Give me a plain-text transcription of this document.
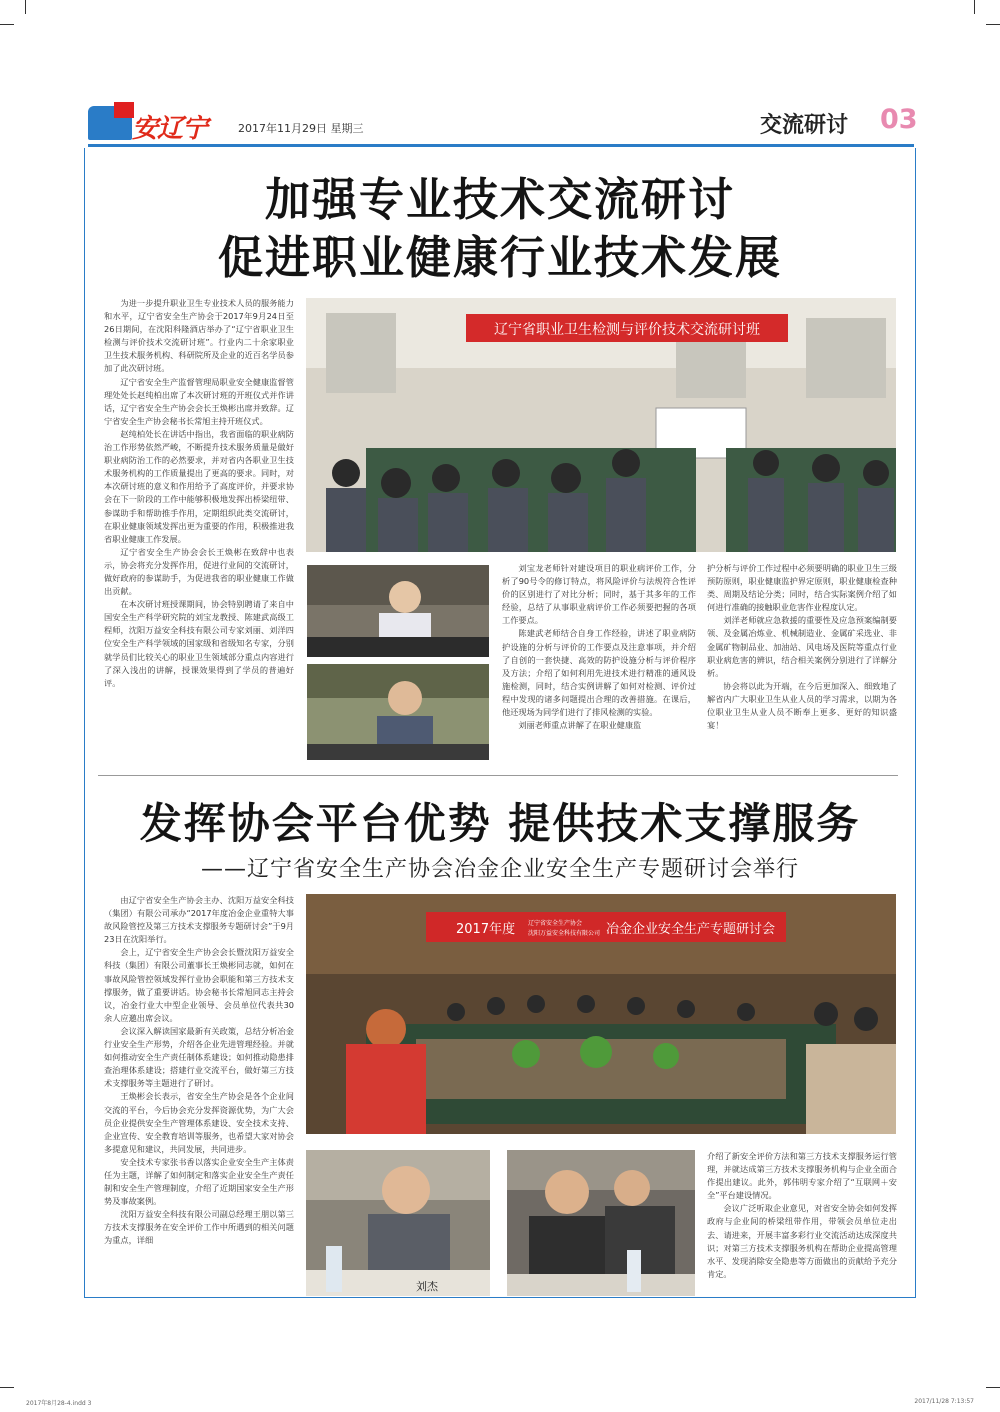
安辽宁	2017年11月29日 星期三	交流研讨 03
加强专业技术交流研讨
促进职业健康行业技术发展

为进一步提升职业卫生专业技术人员的服务能力和水平，辽宁省安全生产协会于2017年9月24日至26日期间，在沈阳科隆酒店举办了“辽宁省职业卫生检测与评价技术交流研讨班”。行业内二十余家职业卫生技术服务机构、科研院所及企业的近百名学员参加了此次研讨班。

辽宁省安全生产监督管理局职业安全健康监督管理处处长赵纯柏出席了本次研讨班的开班仪式并作讲话，辽宁省安全生产协会会长王焕彬出席并致辞。辽宁省安全生产协会秘书长常旭主持开班仪式。

赵纯柏处长在讲话中指出，我省面临的职业病防治工作形势依然严峻，不断提升技术服务质量是做好职业病防治工作的必然要求，并对省内各职业卫生技术服务机构的工作质量提出了更高的要求。同时，对本次研讨班的意义和作用给予了高度评价，并要求协会在下一阶段的工作中能够积极地发挥出桥梁纽带、参谋助手和帮助推手作用，定期组织此类交流研讨，在职业健康领域发挥出更为重要的作用，积极推进我省职业健康工作发展。

辽宁省安全生产协会会长王焕彬在致辞中也表示，协会将充分发挥作用，促进行业间的交流研讨，做好政府的参谋助手，为促进我省的职业健康工作做出贡献。

在本次研讨班授课期间，协会特别聘请了来自中国安全生产科学研究院的刘宝龙教授、陈建武高级工程师，沈阳万益安全科技有限公司专家刘丽、刘洋四位安全生产科学领域的国家级和省级知名专家，分别就学员们比较关心的职业卫生领域部分重点内容进行了深入浅出的讲解，授课效果得到了学员的普遍好评。

辽宁省职业卫生检测与评价技术交流研讨班

刘宝龙老师针对建设项目的职业病评价工作，分析了90号令的修订特点，将风险评价与法规符合性评价的区别进行了对比分析；同时，基于其多年的工作经验，总结了从事职业病评价工作必须要把握的各项工作要点。

陈建武老师结合自身工作经验，讲述了职业病防护设施的分析与评价的工作要点及注意事项，并介绍了自创的一套快捷、高效的防护设施分析与评价程序及方法；介绍了如何利用先进技术进行精准的通风设施检测，同时，结合实例讲解了如何对检测、评价过程中发现的诸多问题提出合理的改善措施。在课后，他还现场为同学们进行了排风检测的实验。

刘丽老师重点讲解了在职业健康监

护分析与评价工作过程中必须要明确的职业卫生三级预防原则，职业健康监护界定原则，职业健康检查种类、周期及结论分类；同时，结合实际案例介绍了如何进行准确的接触职业危害作业程度认定。

刘洋老师就应急救援的重要性及应急预案编制要领、及金属冶炼业、机械制造业、金属矿采选业、非金属矿物制品业、加油站、风电场及医院等重点行业职业病危害的辨识，结合相关案例分别进行了详解分析。

协会将以此为开端，在今后更加深入、细致地了解省内广大职业卫生从业人员的学习需求，以期为各位职业卫生从业人员不断奉上更多、更好的知识盛宴！

发挥协会平台优势 提供技术支撑服务
——辽宁省安全生产协会冶金企业安全生产专题研讨会举行

由辽宁省安全生产协会主办、沈阳万益安全科技（集团）有限公司承办“2017年度冶金企业重特大事故风险管控及第三方技术支撑服务专题研讨会”于9月23日在沈阳举行。

会上，辽宁省安全生产协会会长暨沈阳万益安全科技（集团）有限公司董事长王焕彬同志就，如何在事故风险管控领域发挥行业协会职能和第三方技术支撑服务，做了重要讲话。协会秘书长常旭同志主持会议，冶金行业大中型企业领导、会员单位代表共30余人应邀出席会议。

会议深入解读国家最新有关政策，总结分析冶金行业安全生产形势，介绍各企业先进管理经验。并就如何推动安全生产责任制体系建设；如何推动隐患排查治理体系建设；搭建行业交流平台，做好第三方技术支撑服务等主题进行了研讨。

王焕彬会长表示，省安全生产协会是各个企业间交流的平台，今后协会充分发挥资源优势，为广大会员企业提供安全生产管理体系建设、安全技术支持、企业宣传、安全教育培训等服务，也希望大家对协会多提意见和建议，共同发展，共同进步。

安全技术专家张书香以落实企业安全生产主体责任为主题，详解了如何制定和落实企业安全生产责任制和安全生产管理制度，介绍了近期国家安全生产形势及事故案例。

沈阳万益安全科技有限公司副总经理王朋以第三方技术支撑服务在安全评价工作中所遇到的相关问题为重点，详细

2017年度 辽宁省安全生产协会
沈阳万益安全科技有限公司 冶金企业安全生产专题研讨会
刘杰

介绍了新安全评价方法和第三方技术支撑服务运行管理，并就达成第三方技术支撑服务机构与企业全面合作提出建议。此外，郭伟明专家介绍了“互联网＋安全”平台建设情况。

会议广泛听取企业意见，对省安全协会如何发挥政府与企业间的桥梁纽带作用，带领会员单位走出去、请进来，开展丰富多彩行业交流活动达成深度共识；对第三方技术支撑服务机构在帮助企业提高管理水平、发现消除安全隐患等方面做出的贡献给予充分肯定。

2017年8月28-4.indd 3	2017/11/28 7:13:57
